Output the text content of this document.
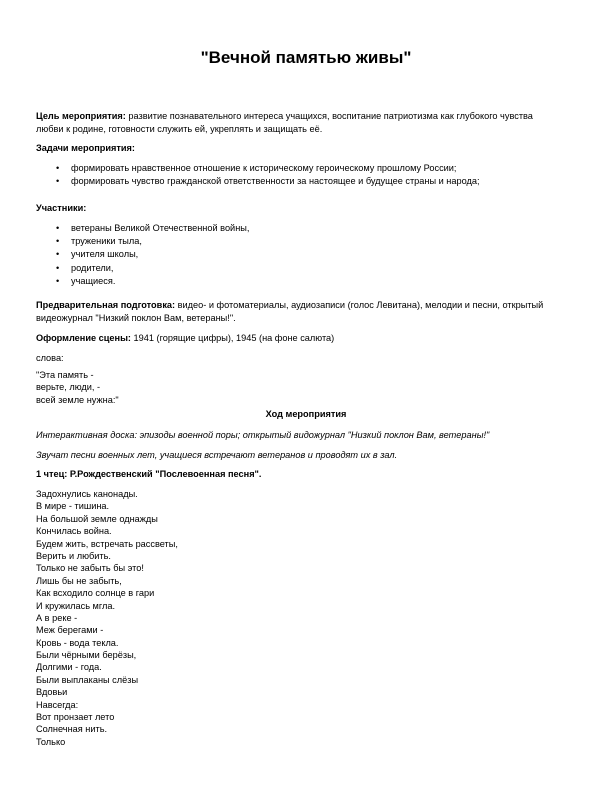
"Вечной памятью живы"
Цель мероприятия: развитие познавательного интереса учащихся, воспитание патриотизма как глубокого чувства любви к родине, готовности служить ей, укреплять и защищать её.
Задачи мероприятия:
• формировать нравственное отношение к историческому героическому прошлому России;
• формировать чувство гражданской ответственности за настоящее и будущее страны и народа;
Участники:
• ветераны Великой Отечественной войны,
• труженики тыла,
• учителя школы,
• родители,
• учащиеся.
Предварительная подготовка: видео- и фотоматериалы, аудиозаписи (голос Левитана), мелодии и песни, открытый видеожурнал "Низкий поклон Вам, ветераны!".
Оформление сцены: 1941 (горящие цифры), 1945 (на фоне салюта)
слова:
"Эта память -
верьте, люди, -
всей земле нужна:"
Ход мероприятия
Интерактивная доска: эпизоды военной поры; открытый видожурнал "Низкий поклон Вам, ветераны!"
Звучат песни военных лет, учащиеся встречают ветеранов и проводят их в зал.
1 чтец: Р.Рождественский "Послевоенная песня".
Задохнулись канонады.
В мире - тишина.
На большой земле однажды
Кончилась война.
Будем жить, встречать рассветы,
Верить и любить.
Только не забыть бы это!
Лишь бы не забыть,
Как всходило солнце в гари
И кружилась мгла.
А в реке -
Меж берегами -
Кровь - вода текла.
Были чёрными берёзы,
Долгими - года.
Были выплаканы слёзы
Вдовьи
Навсегда:
Вот пронзает лето
Солнечная нить.
Только
